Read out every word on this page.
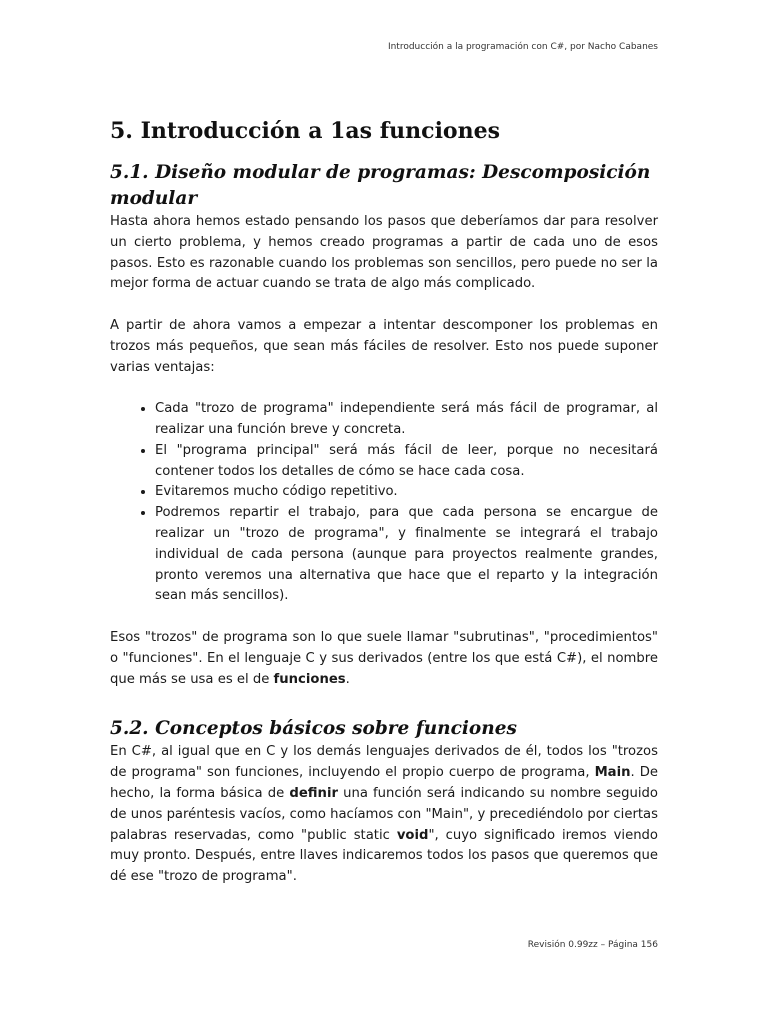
Introducción a la programación con C#, por Nacho Cabanes
5. Introducción a 1as funciones
5.1. Diseño modular de programas: Descomposición modular

Hasta ahora hemos estado pensando los pasos que deberíamos dar para resolver un cierto problema, y hemos creado programas a partir de cada uno de esos pasos. Esto es razonable cuando los problemas son sencillos, pero puede no ser la mejor forma de actuar cuando se trata de algo más complicado.

A partir de ahora vamos a empezar a intentar descomponer los problemas en trozos más pequeños, que sean más fáciles de resolver. Esto nos puede suponer varias ventajas:

• Cada "trozo de programa" independiente será más fácil de programar, al realizar una función breve y concreta.
• El "programa principal" será más fácil de leer, porque no necesitará contener todos los detalles de cómo se hace cada cosa.
• Evitaremos mucho código repetitivo.
• Podremos repartir el trabajo, para que cada persona se encargue de realizar un "trozo de programa", y finalmente se integrará el trabajo individual de cada persona (aunque para proyectos realmente grandes, pronto veremos una alternativa que hace que el reparto y la integración sean más sencillos).

Esos "trozos" de programa son lo que suele llamar "subrutinas", "procedimientos" o "funciones". En el lenguaje C y sus derivados (entre los que está C#), el nombre que más se usa es el de funciones.

5.2. Conceptos básicos sobre funciones

En C#, al igual que en C y los demás lenguajes derivados de él, todos los "trozos de programa" son funciones, incluyendo el propio cuerpo de programa, Main. De hecho, la forma básica de definir una función será indicando su nombre seguido de unos paréntesis vacíos, como hacíamos con "Main", y precediéndolo por ciertas palabras reservadas, como "public static void", cuyo significado iremos viendo muy pronto. Después, entre llaves indicaremos todos los pasos que queremos que dé ese "trozo de programa".

Revisión 0.99zz – Página 156
